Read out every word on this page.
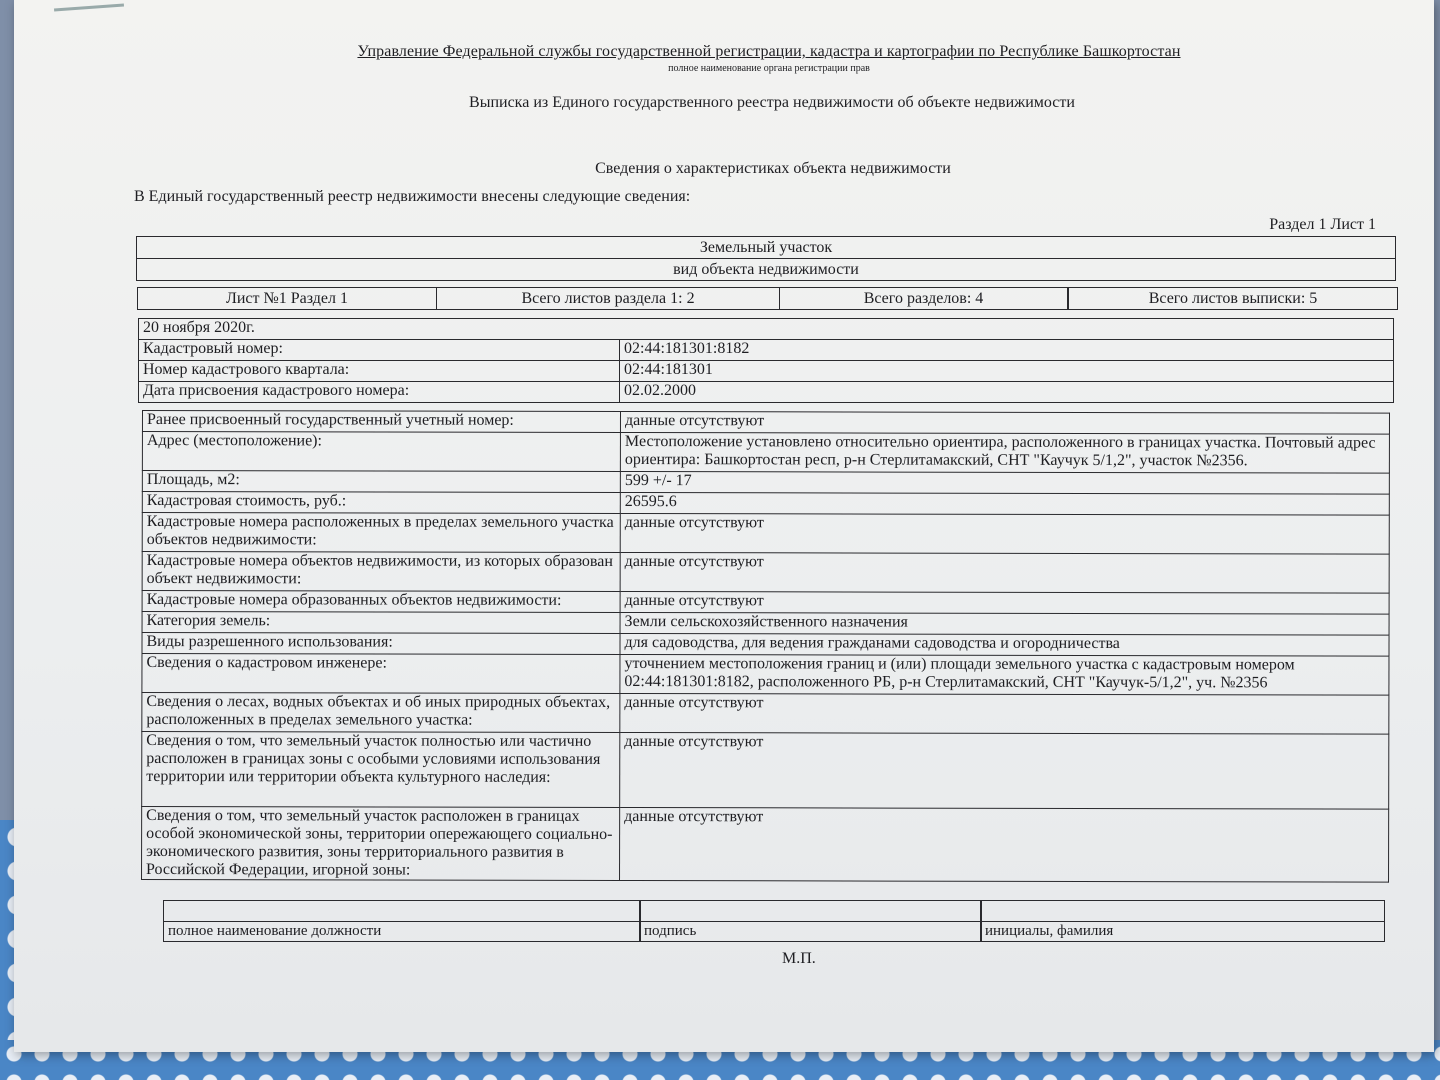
Управление Федеральной службы государственной регистрации, кадастра и картографии по Республике Башкортостан
полное наименование органа регистрации прав
Выписка из Единого государственного реестра недвижимости об объекте недвижимости
Сведения о характеристиках объекта недвижимости
В Единый государственный реестр недвижимости внесены следующие сведения:
Раздел 1 Лист 1
Земельный участок
вид объекта недвижимости
Лист №1 Раздел 1	Всего листов раздела 1: 2	Всего разделов: 4	Всего листов выписки: 5
20 ноября 2020г.	
Кадастровый номер:	02:44:181301:8182
Номер кадастрового квартала:	02:44:181301
Дата присвоения кадастрового номера:	02.02.2000
Ранее присвоенный государственный учетный номер:	данные отсутствуют
Адрес (местоположение):	Местоположение установлено относительно ориентира, расположенного в границах участка. Почтовый адрес ориентира: Башкортостан респ, р-н Стерлитамакский, СНТ "Каучук 5/1,2", участок №2356.
Площадь, м2:	599 +/- 17
Кадастровая стоимость, руб.:	26595.6
Кадастровые номера расположенных в пределах земельного участка объектов недвижимости:	данные отсутствуют
Кадастровые номера объектов недвижимости, из которых образован объект недвижимости:	данные отсутствуют
Кадастровые номера образованных объектов недвижимости:	данные отсутствуют
Категория земель:	Земли сельскохозяйственного назначения
Виды разрешенного использования:	для садоводства, для ведения гражданами садоводства и огородничества
Сведения о кадастровом инженере:	уточнением местоположения границ и (или) площади земельного участка с кадастровым номером 02:44:181301:8182, расположенного РБ, р-н Стерлитамакский, СНТ "Каучук-5/1,2", уч. №2356
Сведения о лесах, водных объектах и об иных природных объектах, расположенных в пределах земельного участка:	данные отсутствуют
Сведения о том, что земельный участок полностью или частично расположен в границах зоны с особыми условиями использования территории или территории объекта культурного наследия:	данные отсутствуют
Сведения о том, что земельный участок расположен в границах особой экономической зоны, территории опережающего социально-экономического развития, зоны территориального развития в Российской Федерации, игорной зоны:	данные отсутствуют
полное наименование должности	подпись	инициалы, фамилия
М.П.
